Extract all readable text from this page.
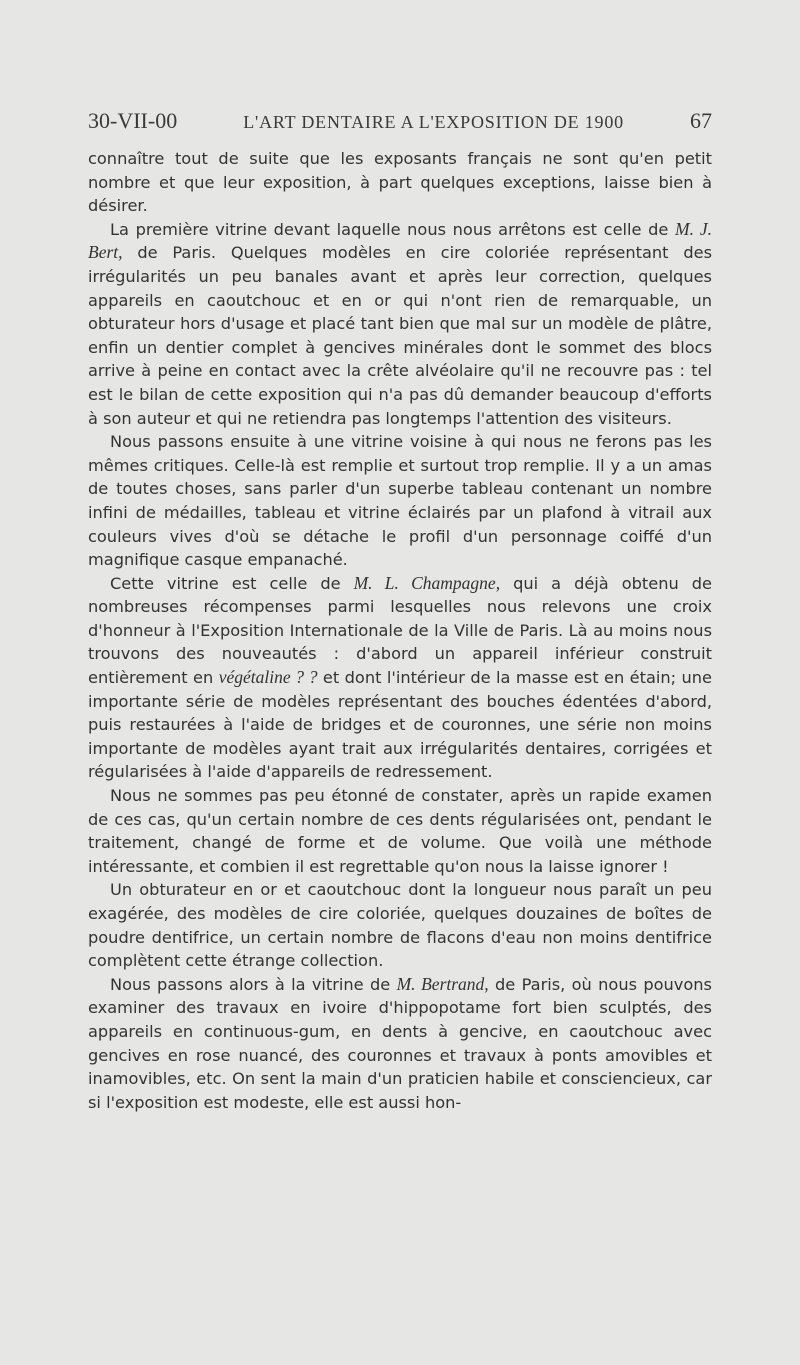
30-VII-00	L'ART DENTAIRE A L'EXPOSITION DE 1900	67

connaître tout de suite que les exposants français ne sont qu'en petit nombre et que leur exposition, à part quelques exceptions, laisse bien à désirer.

La première vitrine devant laquelle nous nous arrêtons est celle de M. J. Bert, de Paris. Quelques modèles en cire coloriée représentant des irrégularités un peu banales avant et après leur correction, quelques appareils en caoutchouc et en or qui n'ont rien de remarquable, un obturateur hors d'usage et placé tant bien que mal sur un modèle de plâtre, enfin un dentier complet à gencives minérales dont le sommet des blocs arrive à peine en contact avec la crête alvéolaire qu'il ne recouvre pas : tel est le bilan de cette exposition qui n'a pas dû demander beaucoup d'efforts à son auteur et qui ne retiendra pas longtemps l'attention des visiteurs.

Nous passons ensuite à une vitrine voisine à qui nous ne ferons pas les mêmes critiques. Celle-là est remplie et surtout trop remplie. Il y a un amas de toutes choses, sans parler d'un superbe tableau contenant un nombre infini de médailles, tableau et vitrine éclairés par un plafond à vitrail aux couleurs vives d'où se détache le profil d'un personnage coiffé d'un magnifique casque empanaché.

Cette vitrine est celle de M. L. Champagne, qui a déjà obtenu de nombreuses récompenses parmi lesquelles nous relevons une croix d'honneur à l'Exposition Internationale de la Ville de Paris. Là au moins nous trouvons des nouveautés : d'abord un appareil inférieur construit entièrement en végétaline ? ? et dont l'intérieur de la masse est en étain; une importante série de modèles représentant des bouches édentées d'abord, puis restaurées à l'aide de bridges et de couronnes, une série non moins importante de modèles ayant trait aux irrégularités dentaires, corrigées et régularisées à l'aide d'appareils de redressement.

Nous ne sommes pas peu étonné de constater, après un rapide examen de ces cas, qu'un certain nombre de ces dents régularisées ont, pendant le traitement, changé de forme et de volume. Que voilà une méthode intéressante, et combien il est regrettable qu'on nous la laisse ignorer !

Un obturateur en or et caoutchouc dont la longueur nous paraît un peu exagérée, des modèles de cire coloriée, quelques douzaines de boîtes de poudre dentifrice, un certain nombre de flacons d'eau non moins dentifrice complètent cette étrange collection.

Nous passons alors à la vitrine de M. Bertrand, de Paris, où nous pouvons examiner des travaux en ivoire d'hippopotame fort bien sculptés, des appareils en continuous-gum, en dents à gencive, en caoutchouc avec gencives en rose nuancé, des couronnes et travaux à ponts amovibles et inamovibles, etc. On sent la main d'un praticien habile et consciencieux, car si l'exposition est modeste, elle est aussi hon-
